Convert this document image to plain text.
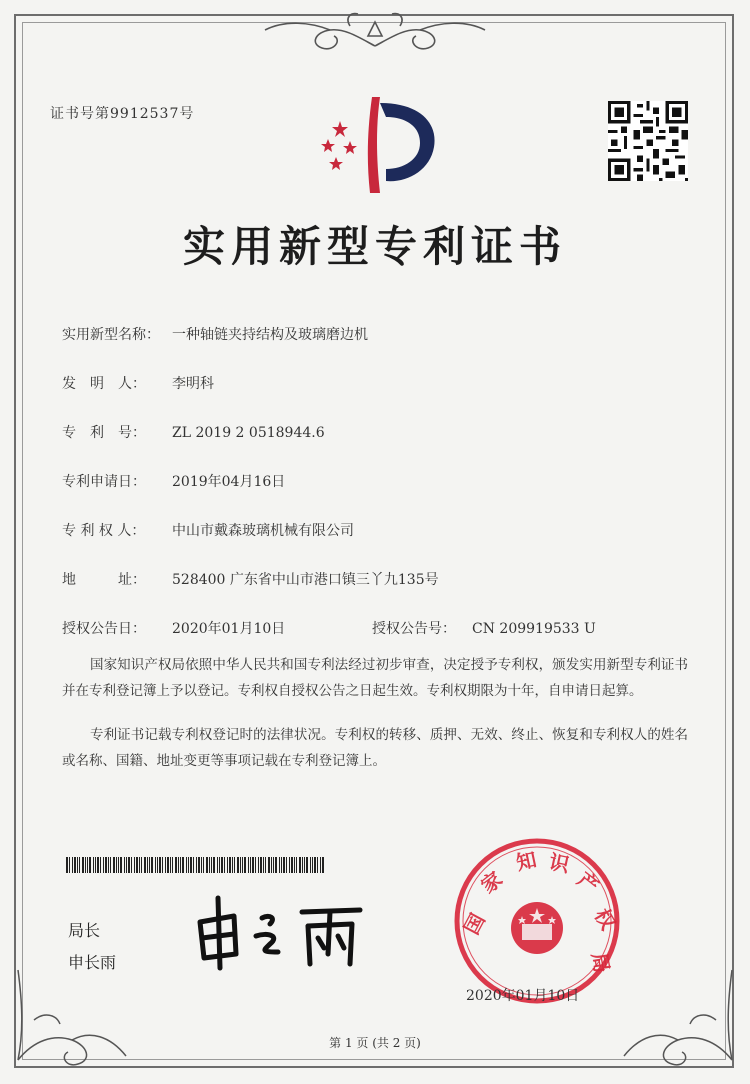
证书号第9912537号
实用新型专利证书
实用新型名称： 一种轴链夹持结构及玻璃磨边机
发　明　人： 李明科
专　利　号： ZL 2019 2 0518944.6
专利申请日： 2019年04月16日
专 利 权 人： 中山市戴森玻璃机械有限公司
地　　　址： 528400 广东省中山市港口镇三丫九135号
授权公告日： 2020年01月10日	授权公告号： CN 209919533 U
国家知识产权局依照中华人民共和国专利法经过初步审查，决定授予专利权，颁发实用新型专利证书并在专利登记簿上予以登记。专利权自授权公告之日起生效。专利权期限为十年，自申请日起算。
专利证书记载专利权登记时的法律状况。专利权的转移、质押、无效、终止、恢复和专利权人的姓名或名称、国籍、地址变更等事项记载在专利登记簿上。
局长
申长雨
国
家
知 识
产
权
局
2020年01月10日
第 1 页 (共 2 页)
